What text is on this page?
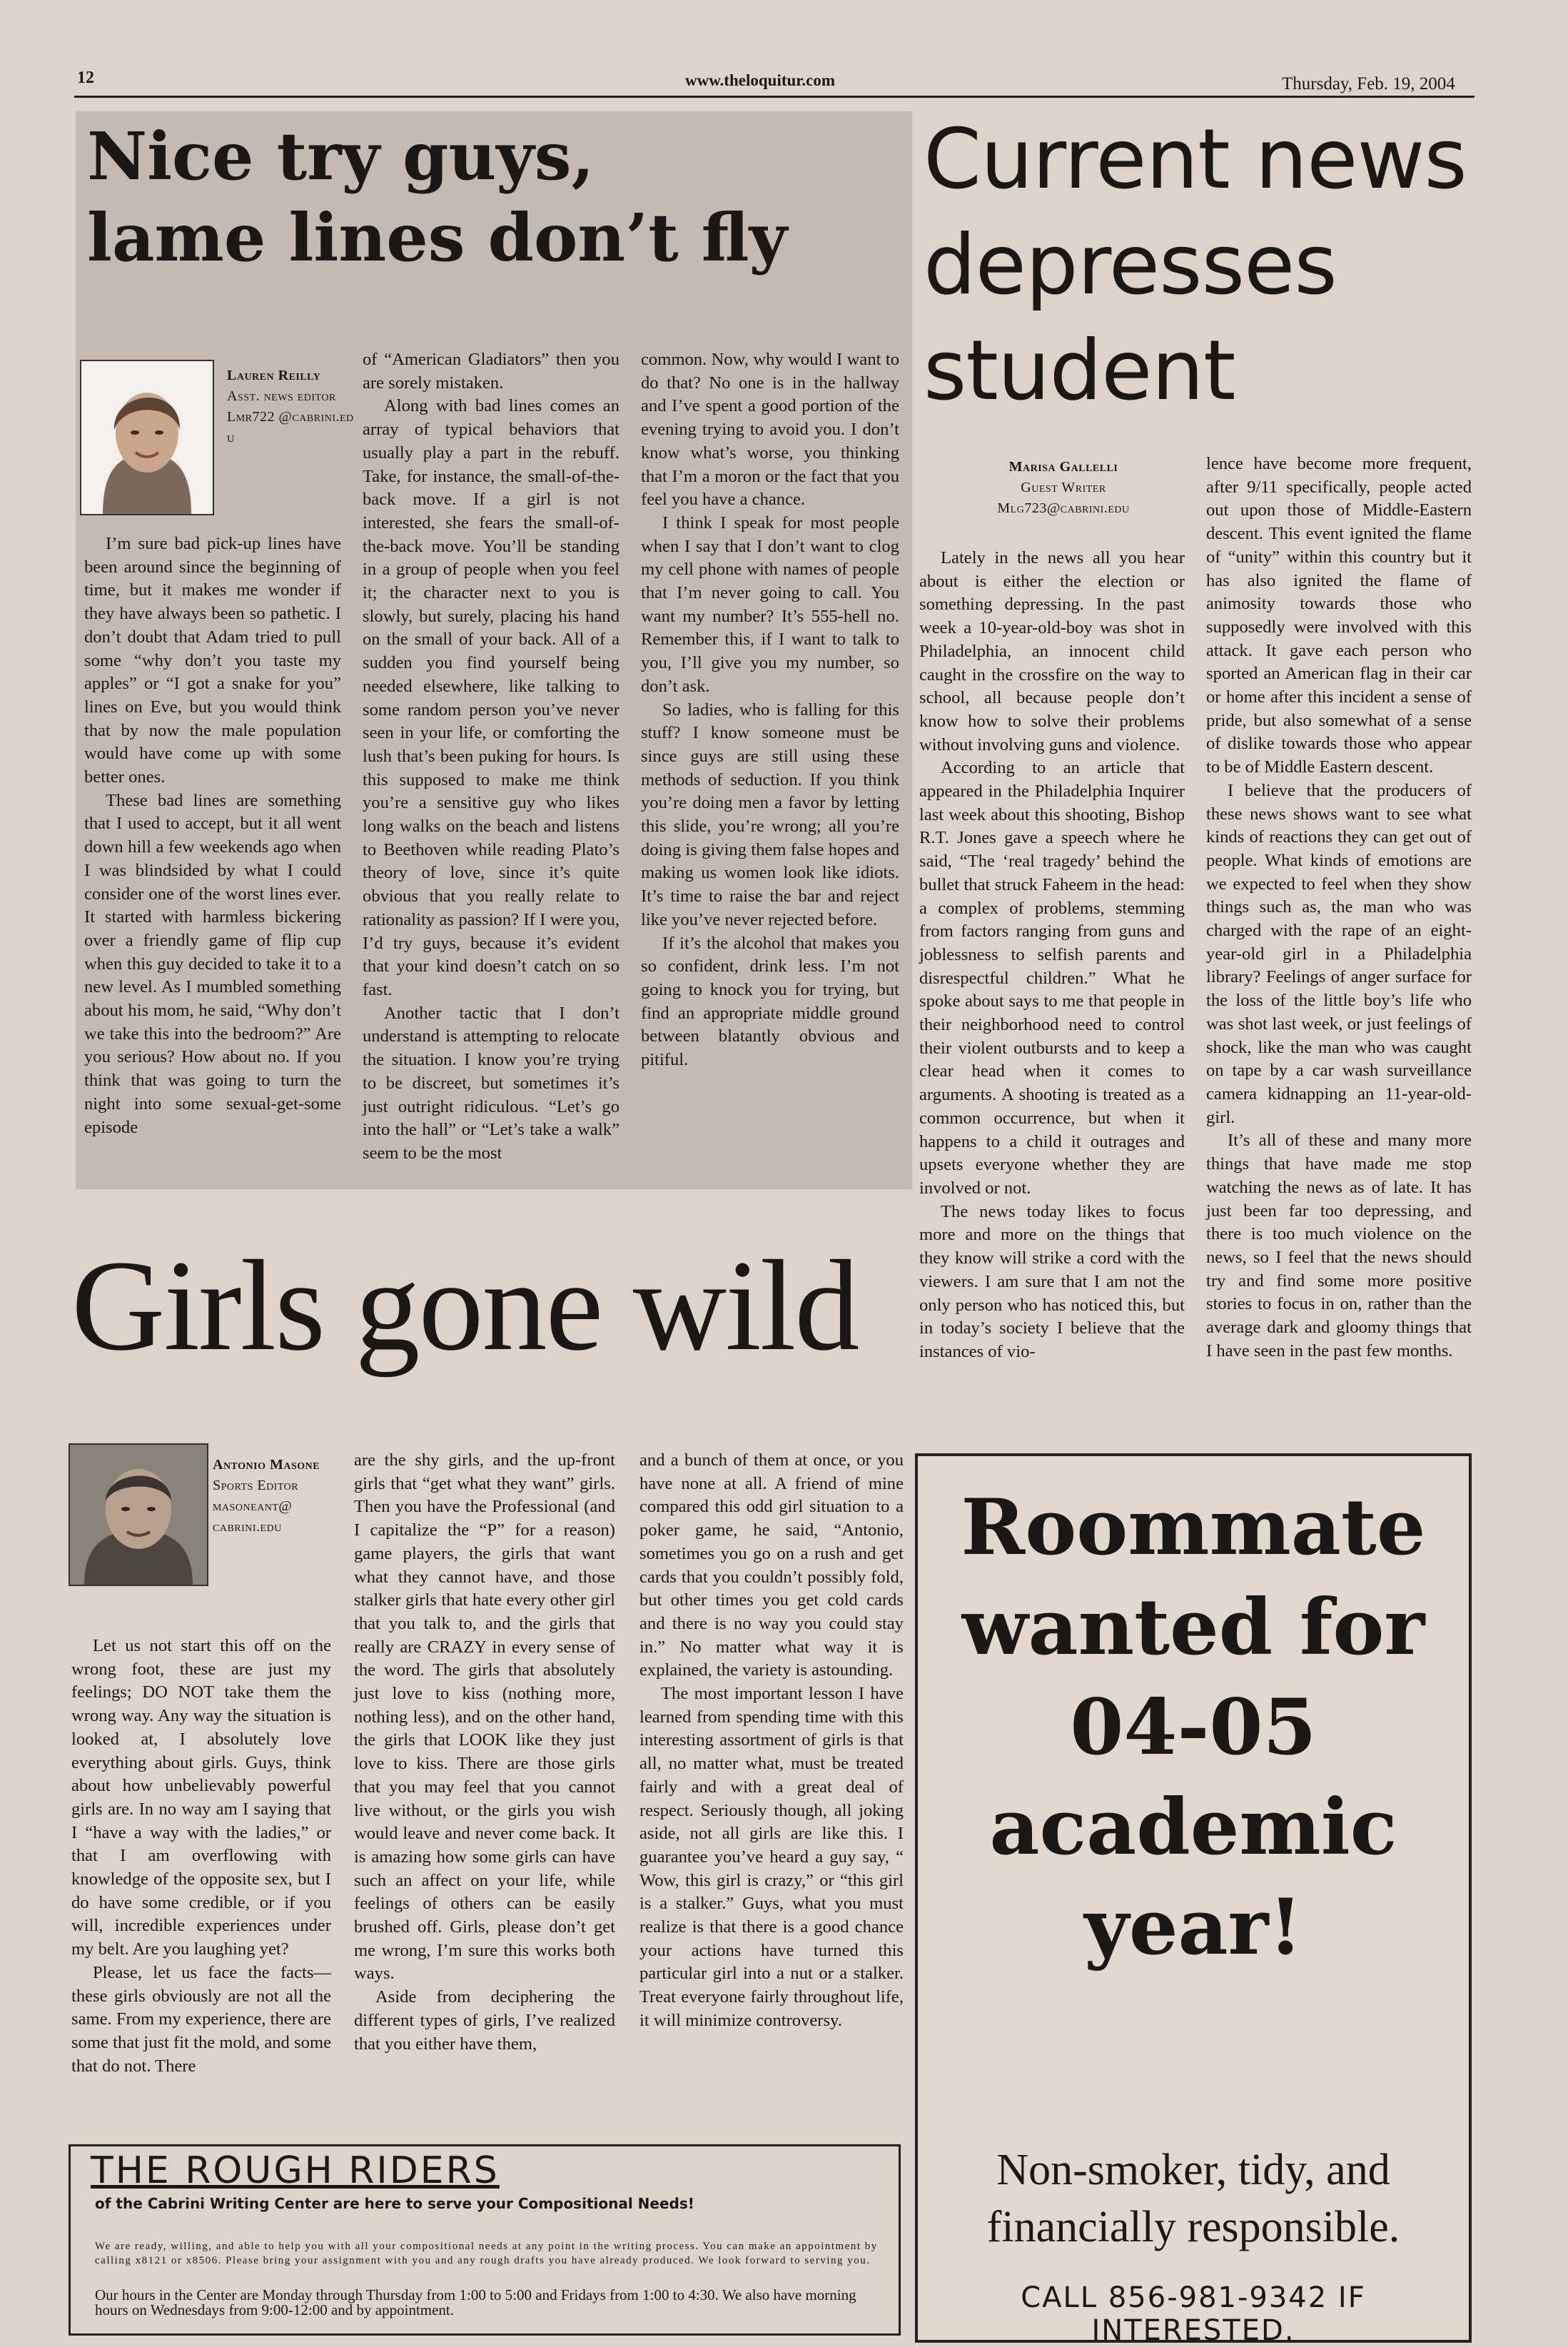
12	www.theloquitur.com	Thursday, Feb. 19, 2004
Nice try guys,
lame lines don’t fly
Lauren Reilly
Asst. news editor
Lmr722 @cabrini.edu

I’m sure bad pick-up lines have been around since the beginning of time, but it makes me wonder if they have always been so pathetic. I don’t doubt that Adam tried to pull some “why don’t you taste my apples” or “I got a snake for you” lines on Eve, but you would think that by now the male population would have come up with some better ones.

These bad lines are something that I used to accept, but it all went down hill a few weekends ago when I was blindsided by what I could consider one of the worst lines ever. It started with harmless bickering over a friendly game of flip cup when this guy decided to take it to a new level. As I mumbled something about his mom, he said, “Why don’t we take this into the bedroom?” Are you serious? How about no. If you think that was going to turn the night into some sexual-get-some episode

of “American Gladiators” then you are sorely mistaken.

Along with bad lines comes an array of typical behaviors that usually play a part in the rebuff. Take, for instance, the small-of-the-back move. If a girl is not interested, she fears the small-of-the-back move. You’ll be standing in a group of people when you feel it; the character next to you is slowly, but surely, placing his hand on the small of your back. All of a sudden you find yourself being needed elsewhere, like talking to some random person you’ve never seen in your life, or comforting the lush that’s been puking for hours. Is this supposed to make me think you’re a sensitive guy who likes long walks on the beach and listens to Beethoven while reading Plato’s theory of love, since it’s quite obvious that you really relate to rationality as passion? If I were you, I’d try guys, because it’s evident that your kind doesn’t catch on so fast.

Another tactic that I don’t understand is attempting to relocate the situation. I know you’re trying to be discreet, but sometimes it’s just outright ridiculous. “Let’s go into the hall” or “Let’s take a walk” seem to be the most

common. Now, why would I want to do that? No one is in the hallway and I’ve spent a good portion of the evening trying to avoid you. I don’t know what’s worse, you thinking that I’m a moron or the fact that you feel you have a chance.

I think I speak for most people when I say that I don’t want to clog my cell phone with names of people that I’m never going to call. You want my number? It’s 555-hell no. Remember this, if I want to talk to you, I’ll give you my number, so don’t ask.

So ladies, who is falling for this stuff? I know someone must be since guys are still using these methods of seduction. If you think you’re doing men a favor by letting this slide, you’re wrong; all you’re doing is giving them false hopes and making us women look like idiots. It’s time to raise the bar and reject like you’ve never rejected before.

If it’s the alcohol that makes you so confident, drink less. I’m not going to knock you for trying, but find an appropriate middle ground between blatantly obvious and pitiful.

Current news
depresses
student
Marisa Gallelli
Guest Writer
Mlg723@cabrini.edu

Lately in the news all you hear about is either the election or something depressing. In the past week a 10-year-old-boy was shot in Philadelphia, an innocent child caught in the crossfire on the way to school, all because people don’t know how to solve their problems without involving guns and violence.

According to an article that appeared in the Philadelphia Inquirer last week about this shooting, Bishop R.T. Jones gave a speech where he said, “The ‘real tragedy’ behind the bullet that struck Faheem in the head: a complex of problems, stemming from factors ranging from guns and joblessness to selfish parents and disrespectful children.” What he spoke about says to me that people in their neighborhood need to control their violent outbursts and to keep a clear head when it comes to arguments. A shooting is treated as a common occurrence, but when it happens to a child it outrages and upsets everyone whether they are involved or not.

The news today likes to focus more and more on the things that they know will strike a cord with the viewers. I am sure that I am not the only person who has noticed this, but in today’s society I believe that the instances of vio-

lence have become more frequent, after 9/11 specifically, people acted out upon those of Middle-Eastern descent. This event ignited the flame of “unity” within this country but it has also ignited the flame of animosity towards those who supposedly were involved with this attack. It gave each person who sported an American flag in their car or home after this incident a sense of pride, but also somewhat of a sense of dislike towards those who appear to be of Middle Eastern descent.

I believe that the producers of these news shows want to see what kinds of reactions they can get out of people. What kinds of emotions are we expected to feel when they show things such as, the man who was charged with the rape of an eight-year-old girl in a Philadelphia library? Feelings of anger surface for the loss of the little boy’s life who was shot last week, or just feelings of shock, like the man who was caught on tape by a car wash surveillance camera kidnapping an 11-year-old-girl.

It’s all of these and many more things that have made me stop watching the news as of late. It has just been far too depressing, and there is too much violence on the news, so I feel that the news should try and find some more positive stories to focus in on, rather than the average dark and gloomy things that I have seen in the past few months.

Girls gone wild
Antonio Masone
Sports Editor
masoneant@ cabrini.edu

Let us not start this off on the wrong foot, these are just my feelings; DO NOT take them the wrong way. Any way the situation is looked at, I absolutely love everything about girls. Guys, think about how unbelievably powerful girls are. In no way am I saying that I “have a way with the ladies,” or that I am overflowing with knowledge of the opposite sex, but I do have some credible, or if you will, incredible experiences under my belt. Are you laughing yet?

Please, let us face the facts—these girls obviously are not all the same. From my experience, there are some that just fit the mold, and some that do not. There

are the shy girls, and the up-front girls that “get what they want” girls. Then you have the Professional (and I capitalize the “P” for a reason) game players, the girls that want what they cannot have, and those stalker girls that hate every other girl that you talk to, and the girls that really are CRAZY in every sense of the word. The girls that absolutely just love to kiss (nothing more, nothing less), and on the other hand, the girls that LOOK like they just love to kiss. There are those girls that you may feel that you cannot live without, or the girls you wish would leave and never come back. It is amazing how some girls can have such an affect on your life, while feelings of others can be easily brushed off. Girls, please don’t get me wrong, I’m sure this works both ways.

Aside from deciphering the different types of girls, I’ve realized that you either have them,

and a bunch of them at once, or you have none at all. A friend of mine compared this odd girl situation to a poker game, he said, “Antonio, sometimes you go on a rush and get cards that you couldn’t possibly fold, but other times you get cold cards and there is no way you could stay in.” No matter what way it is explained, the variety is astounding.

The most important lesson I have learned from spending time with this interesting assortment of girls is that all, no matter what, must be treated fairly and with a great deal of respect. Seriously though, all joking aside, not all girls are like this. I guarantee you’ve heard a guy say, “ Wow, this girl is crazy,” or “this girl is a stalker.” Guys, what you must realize is that there is a good chance your actions have turned this particular girl into a nut or a stalker. Treat everyone fairly throughout life, it will minimize controversy.

Roommate
wanted for
04-05
academic
year!
Non-smoker, tidy, and
financially responsible.
CALL 856-981-9342 IF INTERESTED.
THE ROUGH RIDERS
of the Cabrini Writing Center are here to serve your Compositional Needs!
We are ready, willing, and able to help you with all your compositional needs at any point in the writing process. You can make an appointment by calling x8121 or x8506. Please bring your assignment with you and any rough drafts you have already produced. We look forward to serving you.
Our hours in the Center are Monday through Thursday from 1:00 to 5:00 and Fridays from 1:00 to 4:30. We also have morning hours on Wednesdays from 9:00-12:00 and by appointment.
